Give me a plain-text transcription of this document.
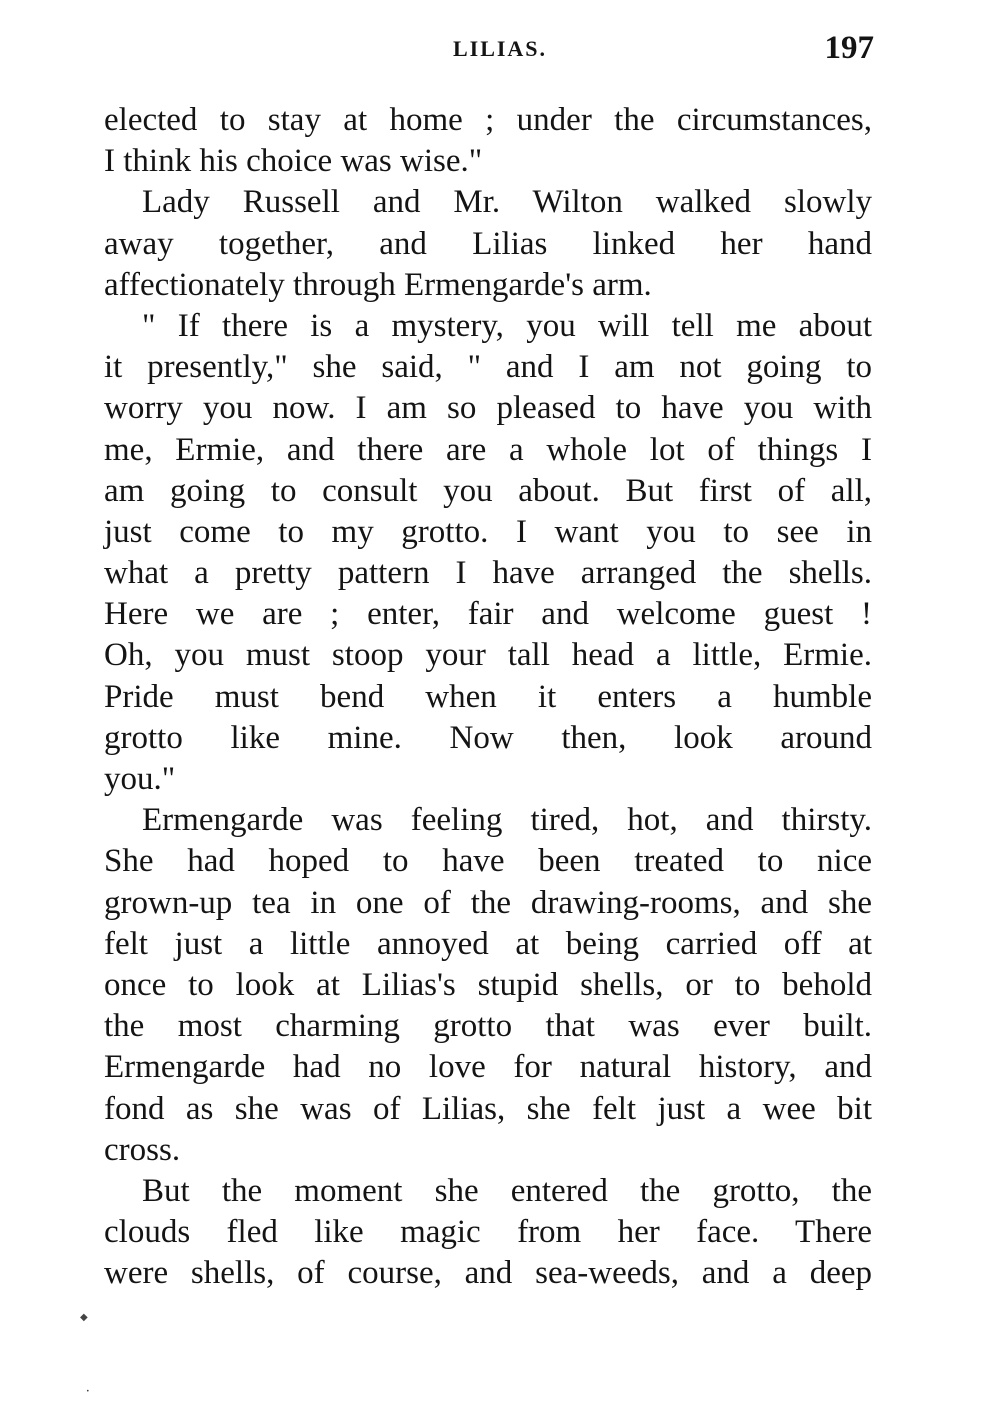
LILIAS.	197
elected to stay at home ; under the circumstances,
I think his choice was wise."
Lady Russell and Mr. Wilton walked slowly
away together, and Lilias linked her hand
affectionately through Ermengarde's arm.
" If there is a mystery, you will tell me about
it presently," she said, " and I am not going to
worry you now. I am so pleased to have you with
me, Ermie, and there are a whole lot of things I
am going to consult you about. But first of all,
just come to my grotto. I want you to see in
what a pretty pattern I have arranged the shells.
Here we are ; enter, fair and welcome guest !
Oh, you must stoop your tall head a little, Ermie.
Pride must bend when it enters a humble
grotto like mine. Now then, look around
you."
Ermengarde was feeling tired, hot, and thirsty.
She had hoped to have been treated to nice
grown-up tea in one of the drawing-rooms, and she
felt just a little annoyed at being carried off at
once to look at Lilias's stupid shells, or to behold
the most charming grotto that was ever built.
Ermengarde had no love for natural history, and
fond as she was of Lilias, she felt just a wee bit
cross.
But the moment she entered the grotto, the
clouds fled like magic from her face. There
were shells, of course, and sea-weeds, and a deep
◆
•
